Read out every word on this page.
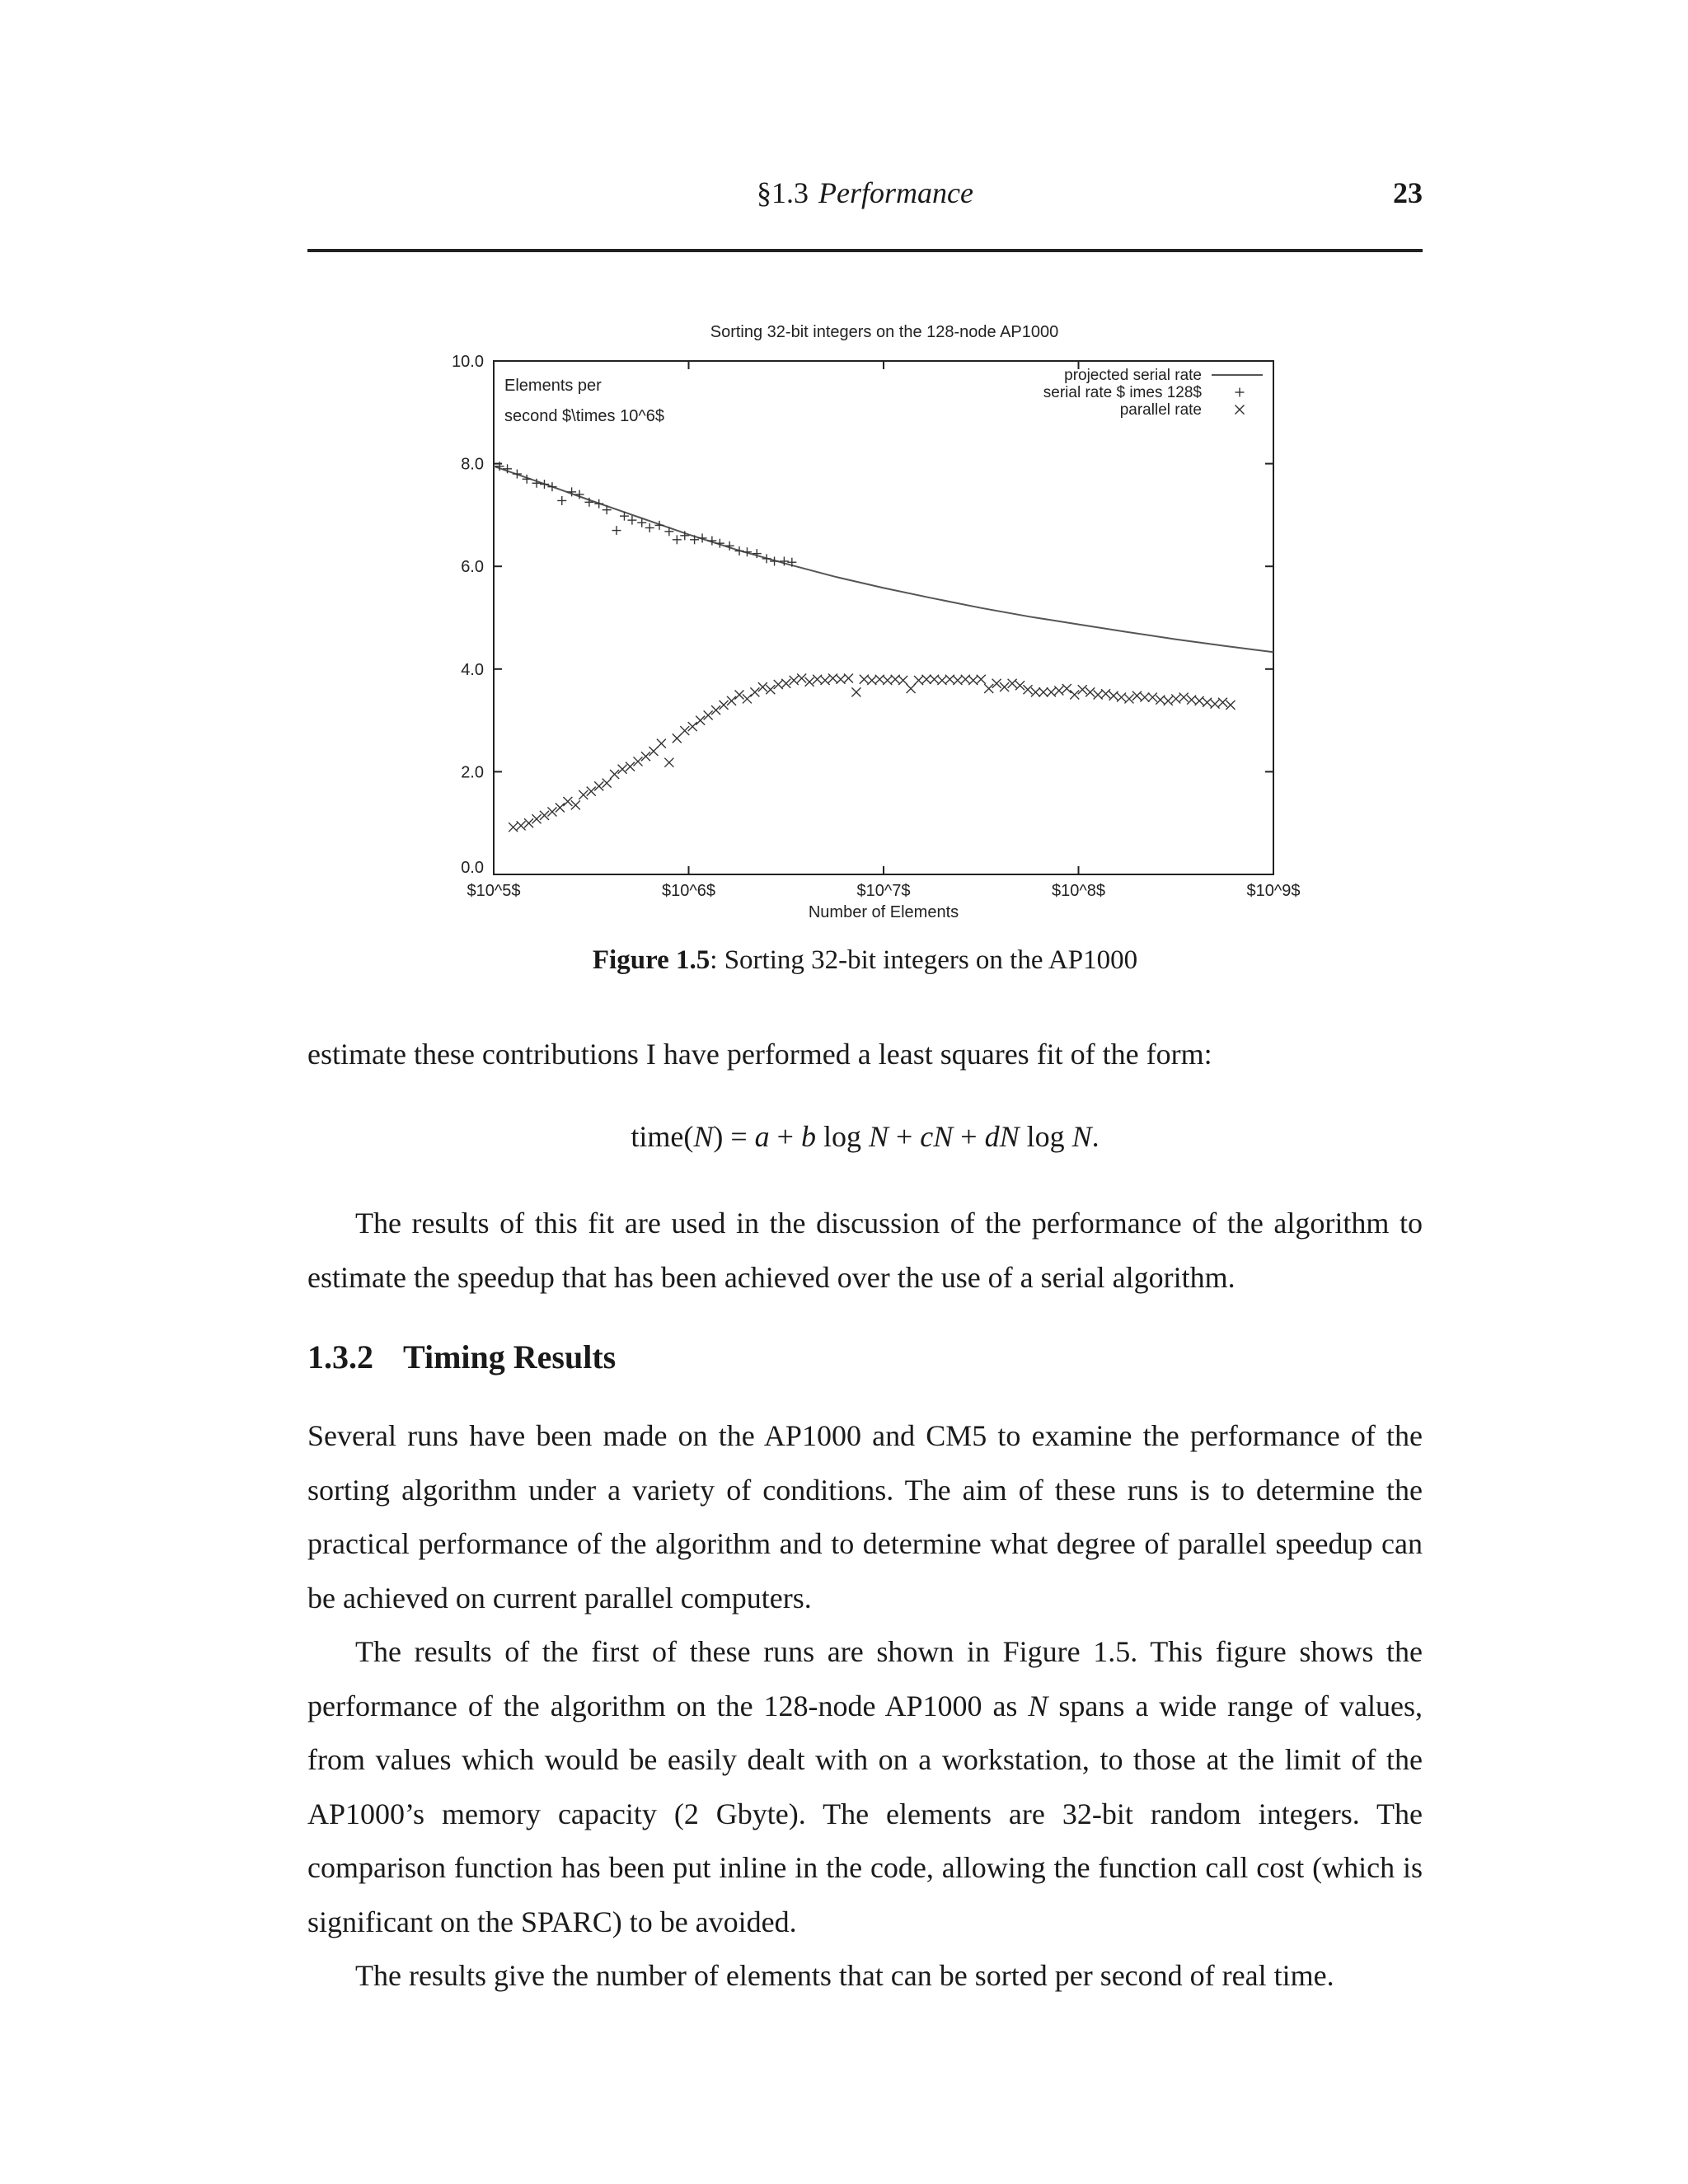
§1.3 Performance	23
Sorting 32-bit integers on the 128-node AP1000
Elements per
second $\times 10^6$
$10^5$	$10^6$	$10^7$	$10^8$	$10^9$
0.0
2.0
4.0
6.0
8.0
10.0
Number of Elements
projected serial rate
serial rate $ imes 128$
parallel rate
Figure 1.5: Sorting 32-bit integers on the AP1000

estimate these contributions I have performed a least squares fit of the form:

time(N) = a + b log N + cN + dN log N.

The results of this fit are used in the discussion of the performance of the algorithm to estimate the speedup that has been achieved over the use of a serial algorithm.

1.3.2 Timing Results

Several runs have been made on the AP1000 and CM5 to examine the performance of the sorting algorithm under a variety of conditions. The aim of these runs is to determine the practical performance of the algorithm and to determine what degree of parallel speedup can be achieved on current parallel computers.

The results of the first of these runs are shown in Figure 1.5. This figure shows the performance of the algorithm on the 128-node AP1000 as N spans a wide range of values, from values which would be easily dealt with on a workstation, to those at the limit of the AP1000’s memory capacity (2 Gbyte). The elements are 32-bit random integers. The comparison function has been put inline in the code, allowing the function call cost (which is significant on the SPARC) to be avoided.

The results give the number of elements that can be sorted per second of real time.
